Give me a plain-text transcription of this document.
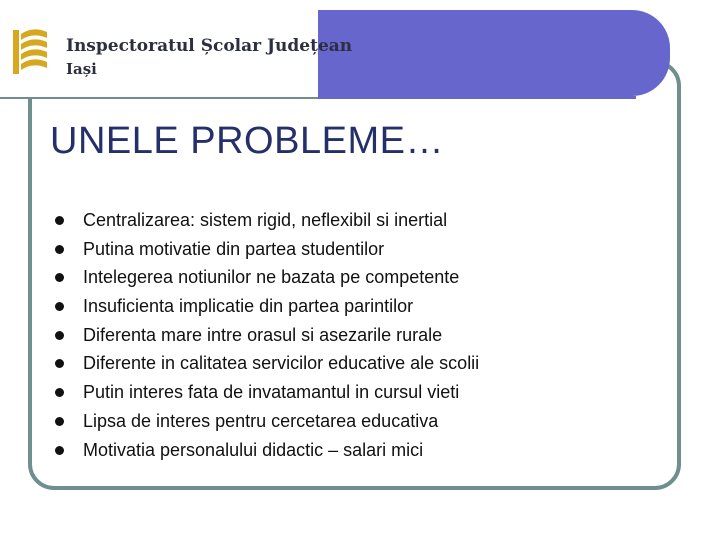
Inspectoratul Școlar Județean
Iași
UNELE PROBLEME…
Centralizarea: sistem rigid, neflexibil si inertial
Putina motivatie din partea studentilor
Intelegerea notiunilor ne bazata pe competente
Insuficienta implicatie din partea parintilor
Diferenta mare intre orasul si asezarile rurale
Diferente in calitatea servicilor educative ale scolii
Putin interes fata de invatamantul in cursul vieti
Lipsa de interes pentru cercetarea educativa
Motivatia personalului didactic – salari mici
